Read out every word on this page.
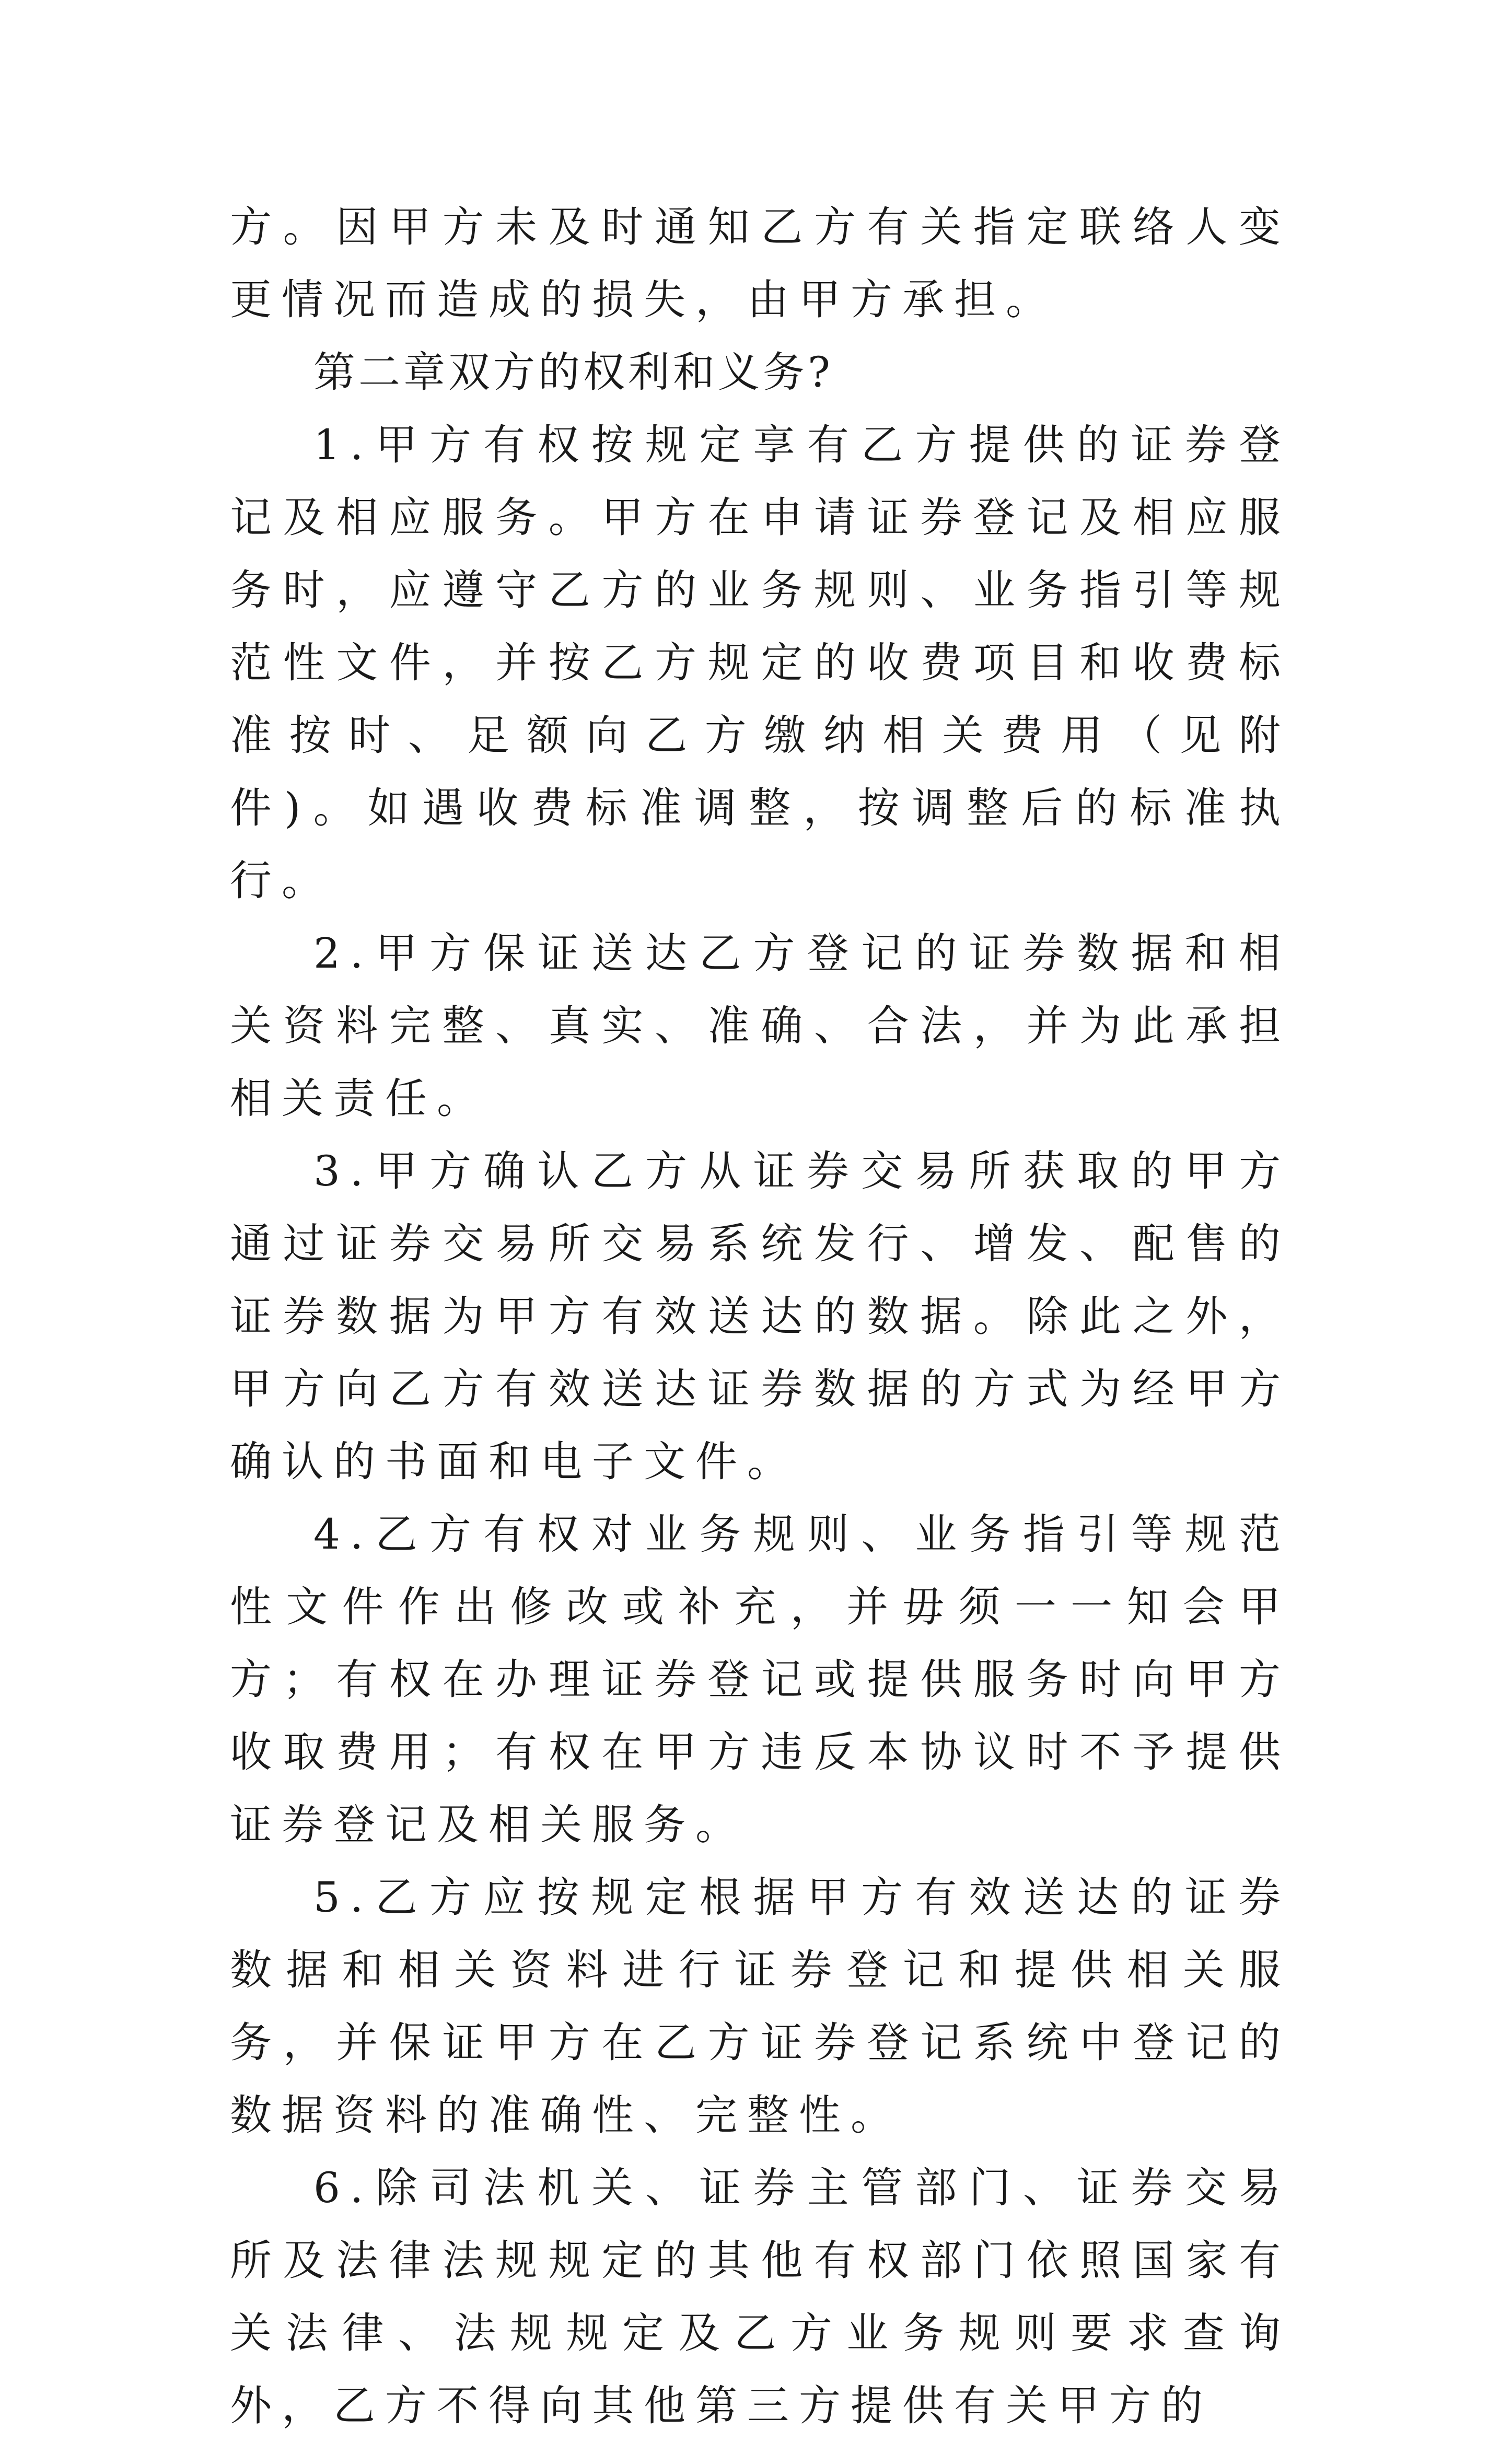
方。因甲方未及时通知乙方有关指定联络人变更情况而造成的损失，由甲方承担。

第二章双方的权利和义务?

1.甲方有权按规定享有乙方提供的证券登记及相应服务。甲方在申请证券登记及相应服务时，应遵守乙方的业务规则、业务指引等规范性文件，并按乙方规定的收费项目和收费标准按时、足额向乙方缴纳相关费用（见附件)。如遇收费标准调整，按调整后的标准执行。

2.甲方保证送达乙方登记的证券数据和相关资料完整、真实、准确、合法，并为此承担相关责任。

3.甲方确认乙方从证券交易所获取的甲方通过证券交易所交易系统发行、增发、配售的证券数据为甲方有效送达的数据。除此之外，甲方向乙方有效送达证券数据的方式为经甲方确认的书面和电子文件。

4.乙方有权对业务规则、业务指引等规范性文件作出修改或补充，并毋须一一知会甲方；有权在办理证券登记或提供服务时向甲方收取费用；有权在甲方违反本协议时不予提供证券登记及相关服务。

5.乙方应按规定根据甲方有效送达的证券数据和相关资料进行证券登记和提供相关服务，并保证甲方在乙方证券登记系统中登记的数据资料的准确性、完整性。

6.除司法机关、证券主管部门、证券交易所及法律法规规定的其他有权部门依照国家有关法律、法规规定及乙方业务规则要求查询外，乙方不得向其他第三方提供有关甲方的
